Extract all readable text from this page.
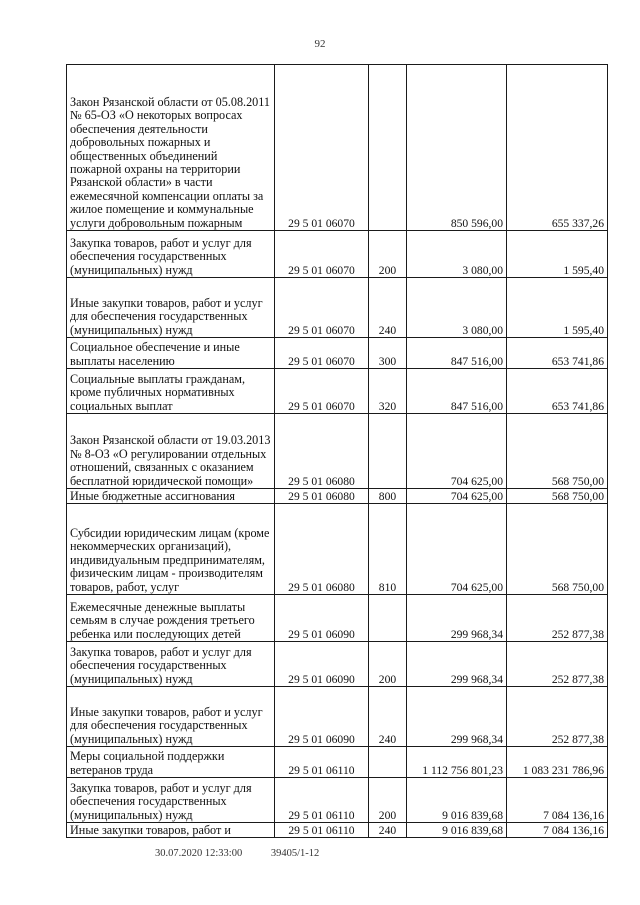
92
Закон Рязанской области от 05.08.2011 № 65-ОЗ «О некоторых вопросах обеспечения деятельности добровольных пожарных и общественных объединений пожарной охраны на территории Рязанской области» в части ежемесячной компенсации оплаты за жилое помещение и коммунальные услуги добровольным пожарным	29 5 01 06070		850 596,00	655 337,26
Закупка товаров, работ и услуг для обеспечения государственных (муниципальных) нужд	29 5 01 06070	200	3 080,00	1 595,40
Иные закупки товаров, работ и услуг для обеспечения государственных (муниципальных) нужд	29 5 01 06070	240	3 080,00	1 595,40
Социальное обеспечение и иные выплаты населению	29 5 01 06070	300	847 516,00	653 741,86
Социальные выплаты гражданам, кроме публичных нормативных социальных выплат	29 5 01 06070	320	847 516,00	653 741,86
Закон Рязанской области от 19.03.2013 № 8-ОЗ «О регулировании отдельных отношений, связанных с оказанием бесплатной юридической помощи»	29 5 01 06080		704 625,00	568 750,00
Иные бюджетные ассигнования	29 5 01 06080	800	704 625,00	568 750,00
Субсидии юридическим лицам (кроме некоммерческих организаций), индивидуальным предпринимателям, физическим лицам - производителям товаров, работ, услуг	29 5 01 06080	810	704 625,00	568 750,00
Ежемесячные денежные выплаты семьям в случае рождения третьего ребенка или последующих детей	29 5 01 06090		299 968,34	252 877,38
Закупка товаров, работ и услуг для обеспечения государственных (муниципальных) нужд	29 5 01 06090	200	299 968,34	252 877,38
Иные закупки товаров, работ и услуг для обеспечения государственных (муниципальных) нужд	29 5 01 06090	240	299 968,34	252 877,38
Меры социальной поддержки ветеранов труда	29 5 01 06110		1 112 756 801,23	1 083 231 786,96
Закупка товаров, работ и услуг для обеспечения государственных (муниципальных) нужд	29 5 01 06110	200	9 016 839,68	7 084 136,16
Иные закупки товаров, работ и	29 5 01 06110	240	9 016 839,68	7 084 136,16
30.07.2020 12:33:00	39405/1-12
